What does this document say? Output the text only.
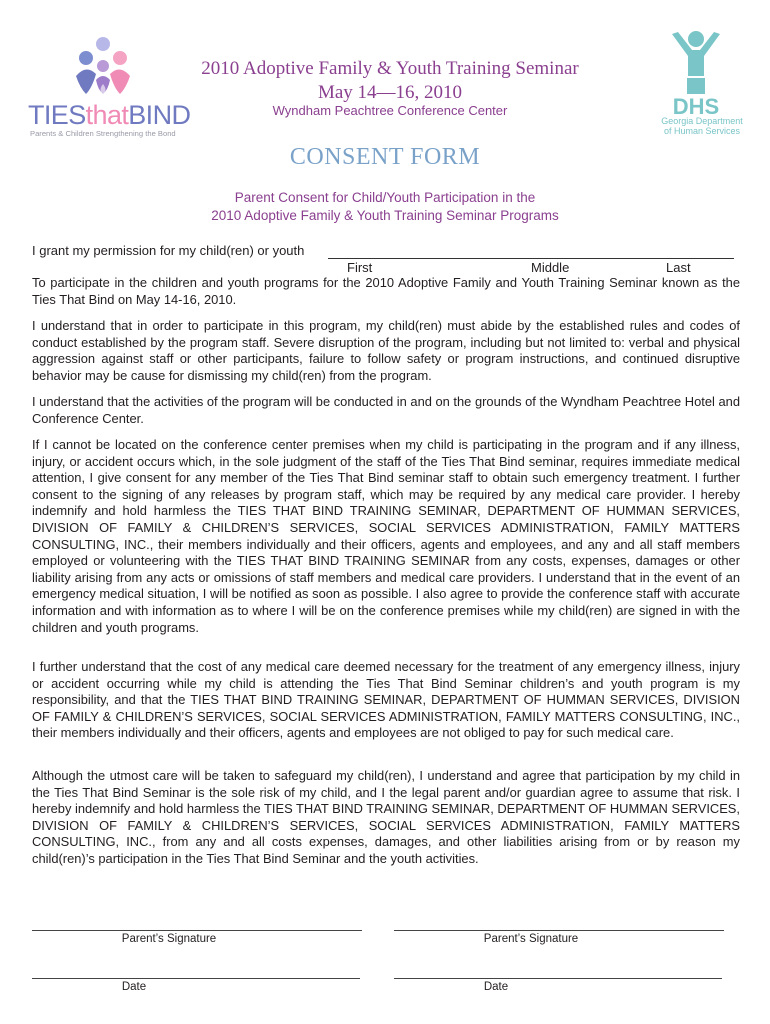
TIESthatBIND
Parents & Children Strengthening the Bond
DHS
Georgia Department
of Human Services
2010 Adoptive Family & Youth Training Seminar
May 14—16, 2010
Wyndham Peachtree Conference Center
CONSENT FORM
Parent Consent for Child/Youth Participation in the
2010 Adoptive Family & Youth Training Seminar Programs
I grant my permission for my child(ren) or youth
First	Middle	Last
To participate in the children and youth programs for the 2010 Adoptive Family and Youth Training Seminar known as the Ties That Bind on May 14-16, 2010.
I understand that in order to participate in this program, my child(ren) must abide by the established rules and codes of conduct established by the program staff. Severe disruption of the program, including but not limited to: verbal and physical aggression against staff or other participants, failure to follow safety or program instructions, and continued disruptive behavior may be cause for dismissing my child(ren) from the program.
I understand that the activities of the program will be conducted in and on the grounds of the Wyndham Peachtree Hotel and Conference Center.
If I cannot be located on the conference center premises when my child is participating in the program and if any illness, injury, or accident occurs which, in the sole judgment of the staff of the Ties That Bind seminar, requires immediate medical attention, I give consent for any member of the Ties That Bind seminar staff to obtain such emergency treatment. I further consent to the signing of any releases by program staff, which may be required by any medical care provider. I hereby indemnify and hold harmless the TIES THAT BIND TRAINING SEMINAR, DEPARTMENT OF HUMMAN SERVICES, DIVISION OF FAMILY & CHILDREN’S SERVICES, SOCIAL SERVICES ADMINISTRATION, FAMILY MATTERS CONSULTING, INC., their members individually and their officers, agents and employees, and any and all staff members employed or volunteering with the TIES THAT BIND TRAINING SEMINAR from any costs, expenses, damages or other liability arising from any acts or omissions of staff members and medical care providers. I understand that in the event of an emergency medical situation, I will be notified as soon as possible. I also agree to provide the conference staff with accurate information and with information as to where I will be on the conference premises while my child(ren) are signed in with the children and youth programs.
I further understand that the cost of any medical care deemed necessary for the treatment of any emergency illness, injury or accident occurring while my child is attending the Ties That Bind Seminar children’s and youth program is my responsibility, and that the TIES THAT BIND TRAINING SEMINAR, DEPARTMENT OF HUMMAN SERVICES, DIVISION OF FAMILY & CHILDREN’S SERVICES, SOCIAL SERVICES ADMINISTRATION, FAMILY MATTERS CONSULTING, INC., their members individually and their officers, agents and employees are not obliged to pay for such medical care.
Although the utmost care will be taken to safeguard my child(ren), I understand and agree that participation by my child in the Ties That Bind Seminar is the sole risk of my child, and I the legal parent and/or guardian agree to assume that risk. I hereby indemnify and hold harmless the TIES THAT BIND TRAINING SEMINAR, DEPARTMENT OF HUMMAN SERVICES, DIVISION OF FAMILY & CHILDREN’S SERVICES, SOCIAL SERVICES ADMINISTRATION, FAMILY MATTERS CONSULTING, INC., from any and all costs expenses, damages, and other liabilities arising from or by reason my child(ren)’s participation in the Ties That Bind Seminar and the youth activities.
Parent’s Signature	Parent’s Signature
Date	Date
